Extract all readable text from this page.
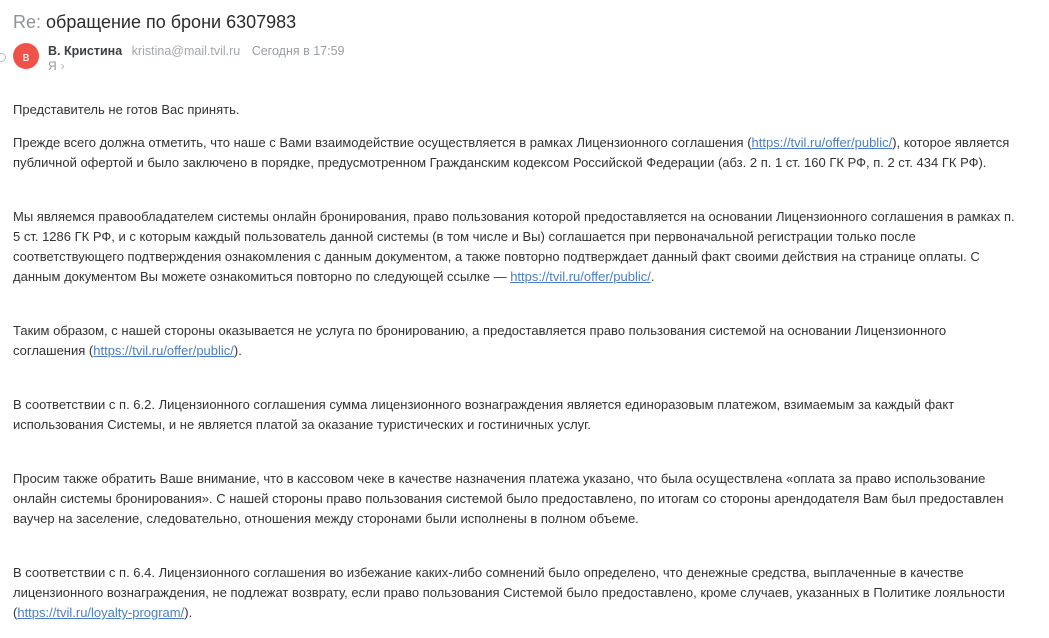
Re: обращение по брони 6307983
в В. Кристина kristina@mail.tvil.ru Сегодня в 17:59
Я ›

Представитель не готов Вас принять.

Прежде всего должна отметить, что наше с Вами взаимодействие осуществляется в рамках Лицензионного соглашения (https://tvil.ru/offer/public/), которое является публичной офертой и было заключено в порядке, предусмотренном Гражданским кодексом Российской Федерации (абз. 2 п. 1 ст. 160 ГК РФ, п. 2 ст. 434 ГК РФ).

Мы являемся правообладателем системы онлайн бронирования, право пользования которой предоставляется на основании Лицензионного соглашения в рамках п. 5 ст. 1286 ГК РФ, и с которым каждый пользователь данной системы (в том числе и Вы) соглашается при первоначальной регистрации только после соответствующего подтверждения ознакомления с данным документом, а также повторно подтверждает данный факт своими действия на странице оплаты. С данным документом Вы можете ознакомиться повторно по следующей ссылке — https://tvil.ru/offer/public/.

Таким образом, с нашей стороны оказывается не услуга по бронированию, а предоставляется право пользования системой на основании Лицензионного соглашения (https://tvil.ru/offer/public/).

В соответствии с п. 6.2. Лицензионного соглашения сумма лицензионного вознаграждения является единоразовым платежом, взимаемым за каждый факт использования Системы, и не является платой за оказание туристических и гостиничных услуг.

Просим также обратить Ваше внимание, что в кассовом чеке в качестве назначения платежа указано, что была осуществлена «оплата за право использование онлайн системы бронирования». С нашей стороны право пользования системой было предоставлено, по итогам со стороны арендодателя Вам был предоставлен ваучер на заселение, следовательно, отношения между сторонами были исполнены в полном объеме.

В соответствии с п. 6.4. Лицензионного соглашения во избежание каких-либо сомнений было определено, что денежные средства, выплаченные в качестве лицензионного вознаграждения, не подлежат возврату, если право пользования Системой было предоставлено, кроме случаев, указанных в Политике лояльности (https://tvil.ru/loyalty-program/).
